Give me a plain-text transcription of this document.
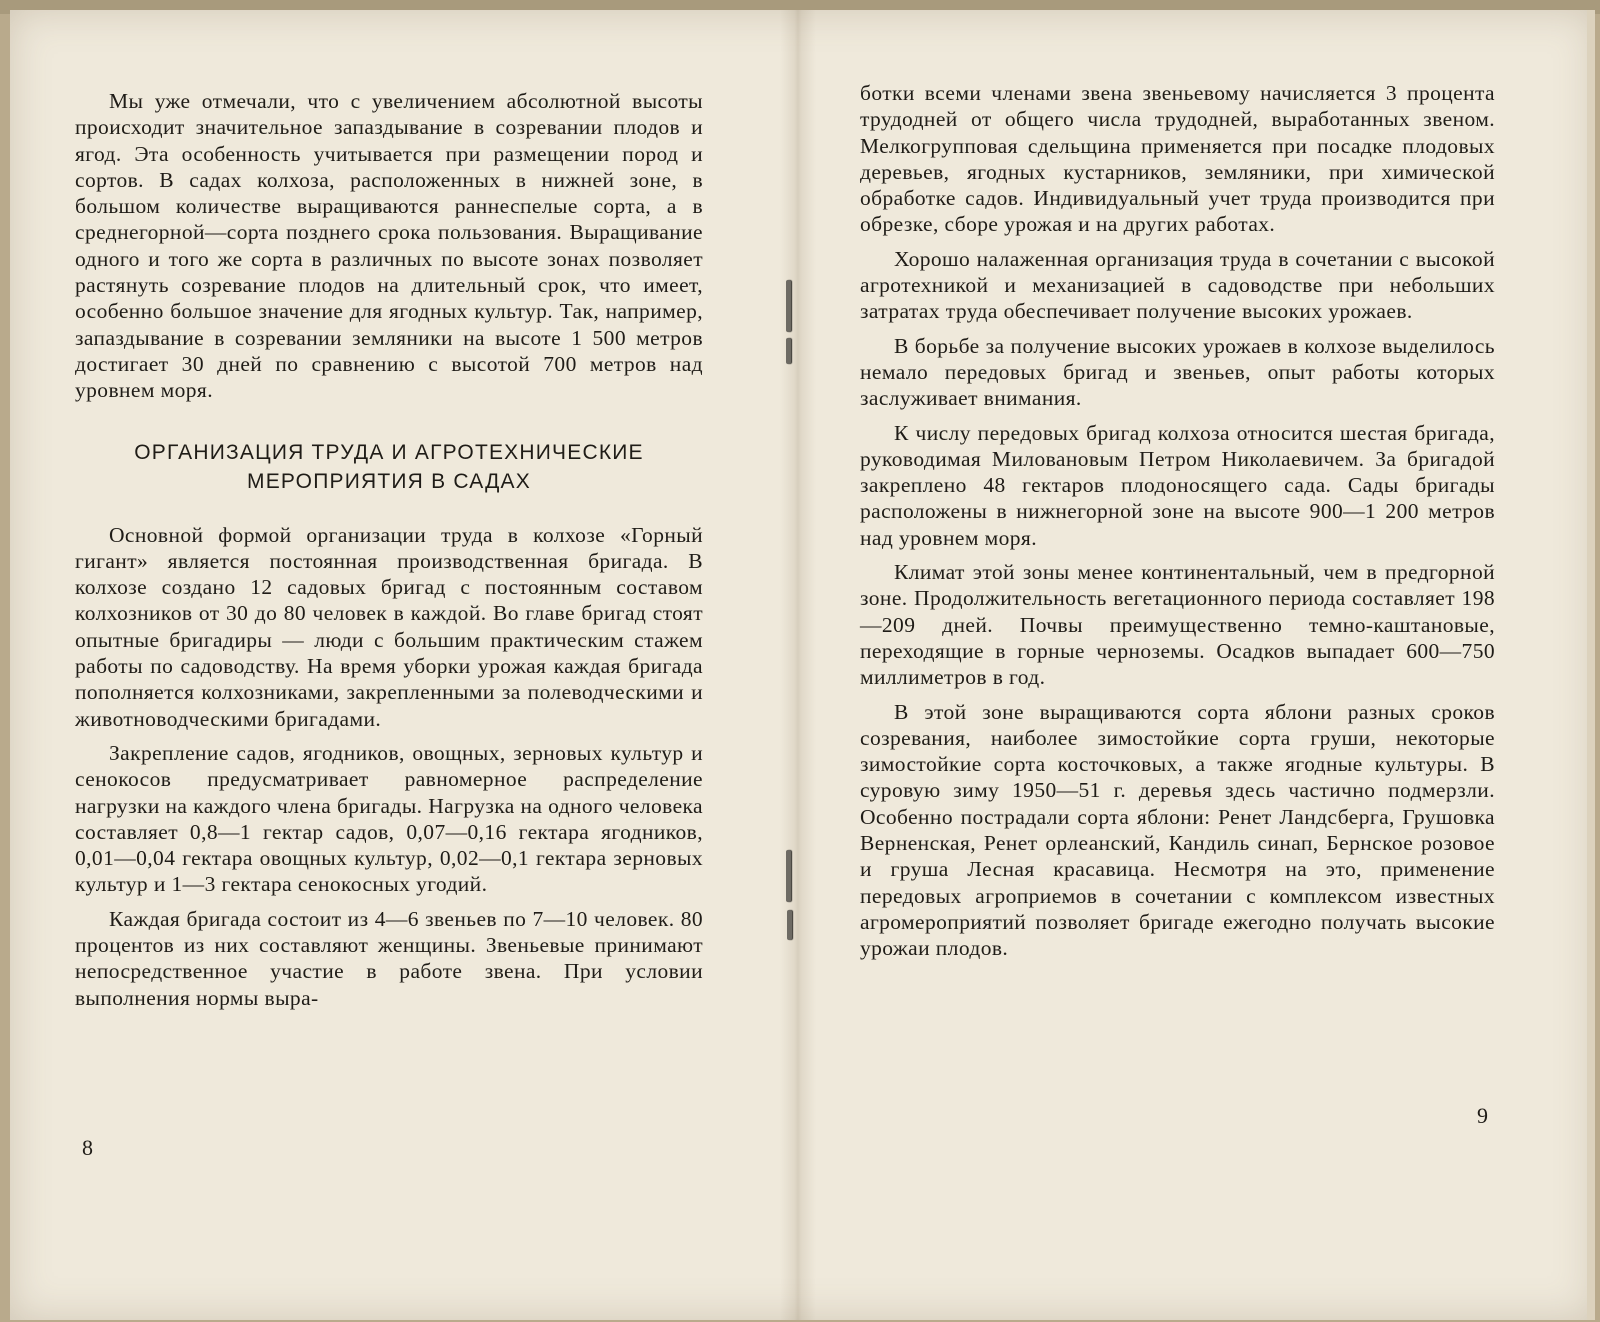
Мы уже отмечали, что с увеличением абсолютной высоты происходит значительное запаздывание в созревании плодов и ягод. Эта особенность учитывается при размещении пород и сортов. В садах колхоза, расположенных в нижней зоне, в большом количестве выращиваются раннеспелые сорта, а в среднегорной—сорта позднего срока пользования. Выращивание одного и того же сорта в различных по высоте зонах позволяет растянуть созревание плодов на длительный срок, что имеет, особенно большое значение для ягодных культур. Так, например, запаздывание в созревании земляники на высоте 1 500 метров достигает 30 дней по сравнению с высотой 700 метров над уровнем моря.

ОРГАНИЗАЦИЯ ТРУДА И АГРОТЕХНИЧЕСКИЕ
МЕРОПРИЯТИЯ В САДАХ

Основной формой организации труда в колхозе «Горный гигант» является постоянная производственная бригада. В колхозе создано 12 садовых бригад с постоянным составом колхозников от 30 до 80 человек в каждой. Во главе бригад стоят опытные бригадиры — люди с большим практическим стажем работы по садоводству. На время уборки урожая каждая бригада пополняется колхозниками, закрепленными за полеводческими и животноводческими бригадами.

Закрепление садов, ягодников, овощных, зерновых культур и сенокосов предусматривает равномерное распределение нагрузки на каждого члена бригады. Нагрузка на одного человека составляет 0,8—1 гектар садов, 0,07—0,16 гектара ягодников, 0,01—0,04 гектара овощных культур, 0,02—0,1 гектара зерновых культур и 1—3 гектара сенокосных угодий.

Каждая бригада состоит из 4—6 звеньев по 7—10 человек. 80 процентов из них составляют женщины. Звеньевые принимают непосредственное участие в работе звена. При условии выполнения нормы выра-

8

ботки всеми членами звена звеньевому начисляется 3 процента трудодней от общего числа трудодней, выработанных звеном. Мелкогрупповая сдельщина применяется при посадке плодовых деревьев, ягодных кустарников, земляники, при химической обработке садов. Индивидуальный учет труда производится при обрезке, сборе урожая и на других работах.

Хорошо налаженная организация труда в сочетании с высокой агротехникой и механизацией в садоводстве при небольших затратах труда обеспечивает получение высоких урожаев.

В борьбе за получение высоких урожаев в колхозе выделилось немало передовых бригад и звеньев, опыт работы которых заслуживает внимания.

К числу передовых бригад колхоза относится шестая бригада, руководимая Миловановым Петром Николаевичем. За бригадой закреплено 48 гектаров плодоносящего сада. Сады бригады расположены в нижнегорной зоне на высоте 900—1 200 метров над уровнем моря.

Климат этой зоны менее континентальный, чем в предгорной зоне. Продолжительность вегетационного периода составляет 198—209 дней. Почвы преимущественно темно-каштановые, переходящие в горные черноземы. Осадков выпадает 600—750 миллиметров в год.

В этой зоне выращиваются сорта яблони разных сроков созревания, наиболее зимостойкие сорта груши, некоторые зимостойкие сорта косточковых, а также ягодные культуры. В суровую зиму 1950—51 г. деревья здесь частично подмерзли. Особенно пострадали сорта яблони: Ренет Ландсберга, Грушовка Верненская, Ренет орлеанский, Кандиль синап, Бернское розовое и груша Лесная красавица. Несмотря на это, применение передовых агроприемов в сочетании с комплексом известных агромероприятий позволяет бригаде ежегодно получать высокие урожаи плодов.

9
